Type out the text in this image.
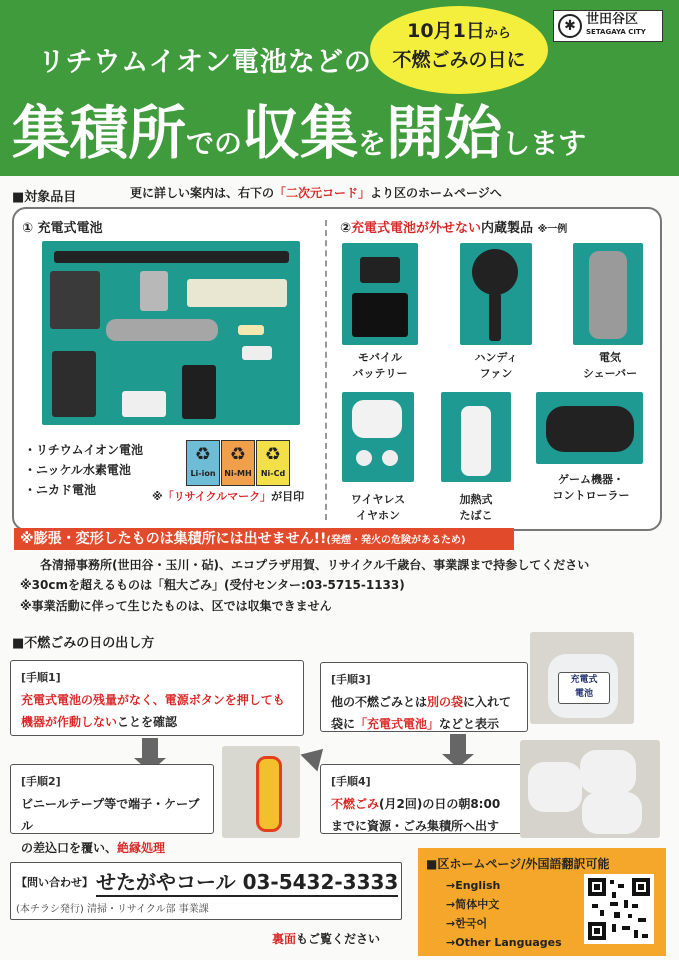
リチウムイオン電池などの
集積所での収集を開始します
10月1日から
不燃ごみの日に
✱ 世田谷区
SETAGAYA CITY
■対象品目	更に詳しい案内は、右下の「二次元コード」より区のホームページへ
① 充電式電池
・リチウムイオン電池
・ニッケル水素電池
・ニカド電池
♻
Li-ion
♻
Ni-MH
♻
Ni-Cd
※「リサイクルマーク」が目印
②充電式電池が外せない内蔵製品 ※一例
モバイル
バッテリー
ハンディ
ファン
電気
シェーバー
ワイヤレス
イヤホン
加熱式
たばこ
ゲーム機器・
コントローラー
※膨張・変形したものは集積所には出せません!!(発煙・発火の危険があるため)
各清掃事務所(世田谷・玉川・砧)、エコプラザ用賀、リサイクル千歳台、事業課まで持参してください
※30cmを超えるものは「粗大ごみ」(受付センター:03-5715-1133)
※事業活動に伴って生じたものは、区では収集できません
■不燃ごみの日の出し方
[手順1]
充電式電池の残量がなく、電源ボタンを押しても
機器が作動しないことを確認
[手順2]
ビニールテープ等で端子・ケーブル
の差込口を覆い、絶縁処理
[手順3]
他の不燃ごみとは別の袋に入れて
袋に「充電式電池」などと表示
充電式
電池
[手順4]
不燃ごみ(月2回)の日の朝8:00
までに資源・ごみ集積所へ出す
【問い合わせ】 せたがやコール 03-5432-3333
(本チラシ発行) 清掃・リサイクル部 事業課
裏面もご覧ください
■区ホームページ/外国語翻訳可能
→English
→简体中文
→한국어
→Other Languages
